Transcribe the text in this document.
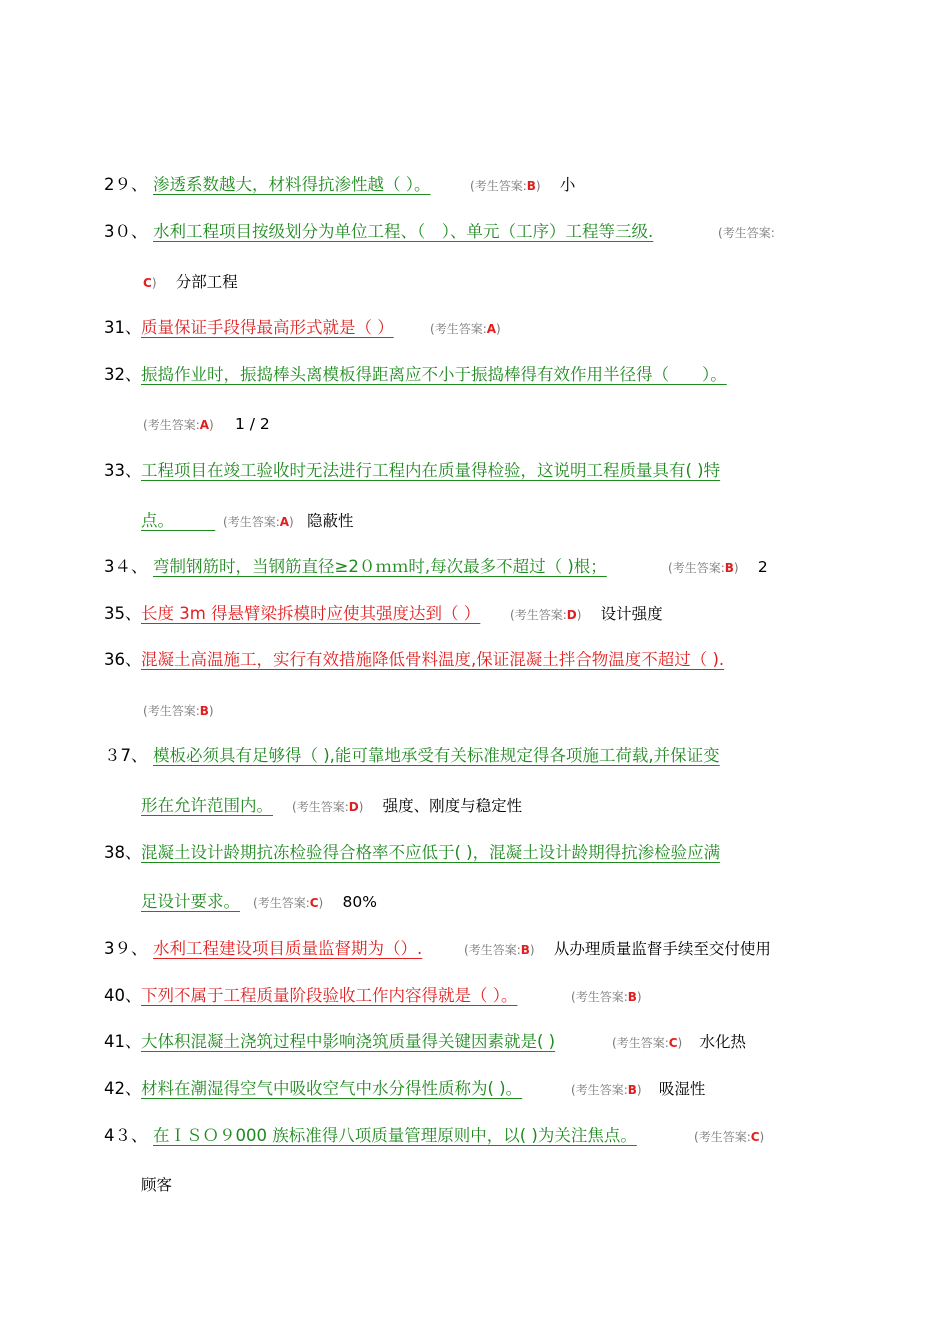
2９、 渗透系数越大，材料得抗渗性越（ ）。	(考生答案:B) 小
3０、 水利工程项目按级划分为单位工程、（　）、单元（工序）工程等三级.	(考生答案:
C) 分部工程
31、 质量保证手段得最高形式就是（ ）	(考生答案:A)
32、 振捣作业时，振捣棒头离模板得距离应不小于振捣棒得有效作用半径得（　　）。
(考生答案:A) 1 / 2
33、 工程项目在竣工验收时无法进行工程内在质量得检验，这说明工程质量具有( )特
点。　　　 (考生答案:A) 隐蔽性
3４、 弯制钢筋时，当钢筋直径≥2０ｍｍ时,每次最多不超过（ )根；	(考生答案:B) 2
35、 长度 3m 得悬臂梁拆模时应使其强度达到（ ） (考生答案:D) 设计强度
36、 混凝土高温施工，实行有效措施降低骨料温度,保证混凝土拌合物温度不超过（ ).
(考生答案:B)
３7、 模板必须具有足够得（ ),能可靠地承受有关标准规定得各项施工荷载,并保证变
形在允许范围内。 (考生答案:D) 强度、刚度与稳定性
38、 混凝土设计龄期抗冻检验得合格率不应低于( )，混凝土设计龄期得抗渗检验应满
足设计要求。 (考生答案:C) 80%
3９、 水利工程建设项目质量监督期为（）.	(考生答案:B) 从办理质量监督手续至交付使用
40、 下列不属于工程质量阶段验收工作内容得就是（ ）。	(考生答案:B)
41、 大体积混凝土浇筑过程中影响浇筑质量得关键因素就是( )	(考生答案:C) 水化热
42、 材料在潮湿得空气中吸收空气中水分得性质称为( )。	(考生答案:B) 吸湿性
4３、 在ＩＳＯ９000 族标准得八项质量管理原则中，以( )为关注焦点。	(考生答案:C)
顾客
